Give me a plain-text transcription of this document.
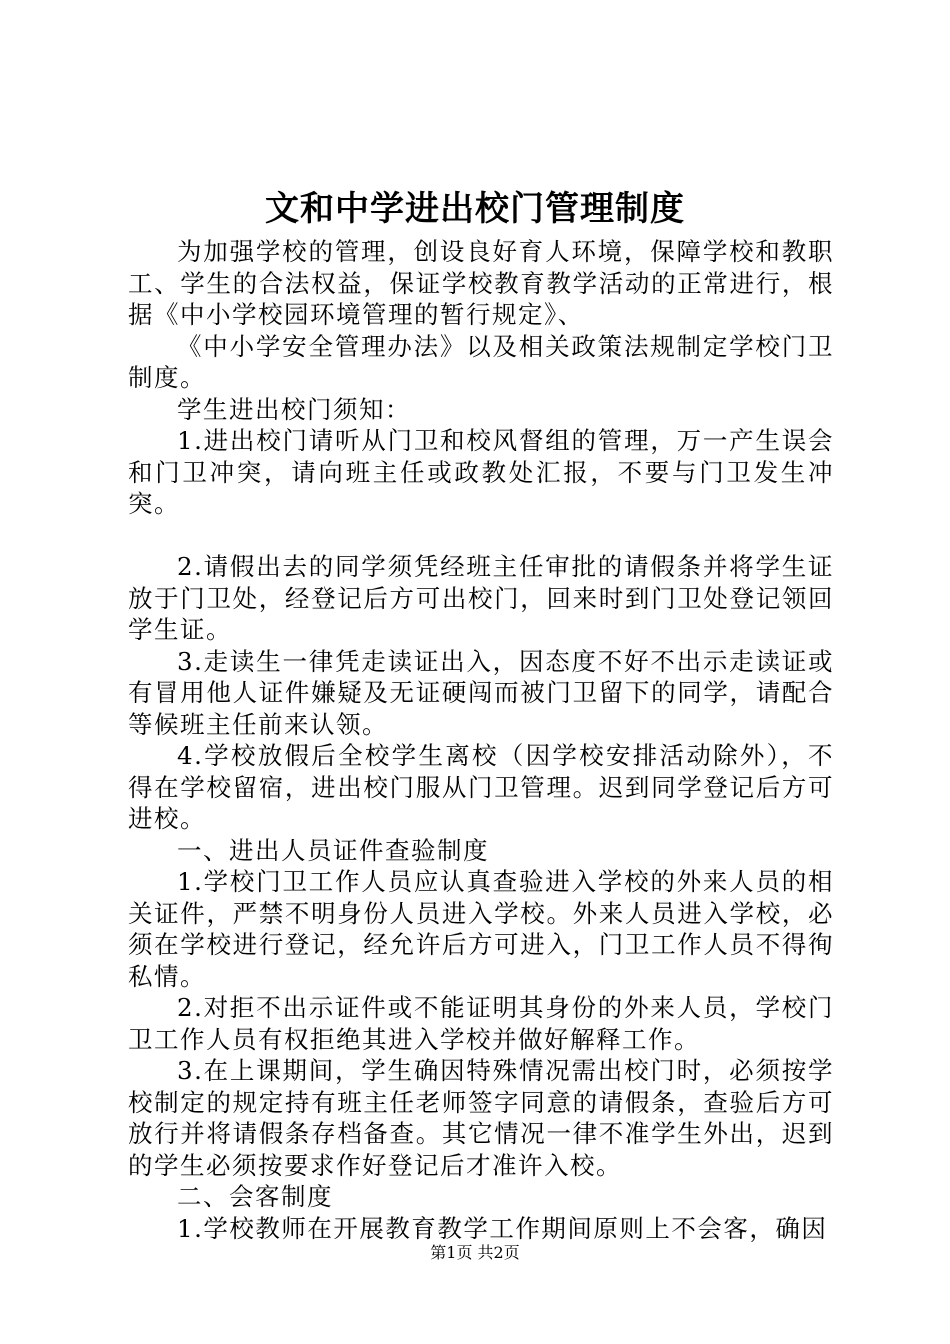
文和中学进出校门管理制度

为加强学校的管理，创设良好育人环境，保障学校和教职工、学生的合法权益，保证学校教育教学活动的正常进行，根据《中小学校园环境管理的暂行规定》、

《中小学安全管理办法》以及相关政策法规制定学校门卫制度。

学生进出校门须知：

1.进出校门请听从门卫和校风督组的管理，万一产生误会和门卫冲突，请向班主任或政教处汇报，不要与门卫发生冲突。

2.请假出去的同学须凭经班主任审批的请假条并将学生证放于门卫处，经登记后方可出校门，回来时到门卫处登记领回学生证。

3.走读生一律凭走读证出入，因态度不好不出示走读证或有冒用他人证件嫌疑及无证硬闯而被门卫留下的同学，请配合等候班主任前来认领。

4.学校放假后全校学生离校（因学校安排活动除外），不得在学校留宿，进出校门服从门卫管理。迟到同学登记后方可进校。

一、进出人员证件查验制度

1.学校门卫工作人员应认真查验进入学校的外来人员的相关证件，严禁不明身份人员进入学校。外来人员进入学校，必须在学校进行登记，经允许后方可进入，门卫工作人员不得徇私情。

2.对拒不出示证件或不能证明其身份的外来人员，学校门卫工作人员有权拒绝其进入学校并做好解释工作。

3.在上课期间，学生确因特殊情况需出校门时，必须按学校制定的规定持有班主任老师签字同意的请假条，查验后方可放行并将请假条存档备查。其它情况一律不准学生外出，迟到的学生必须按要求作好登记后才准许入校。

二、会客制度

1.学校教师在开展教育教学工作期间原则上不会客，确因

第1页 共2页
